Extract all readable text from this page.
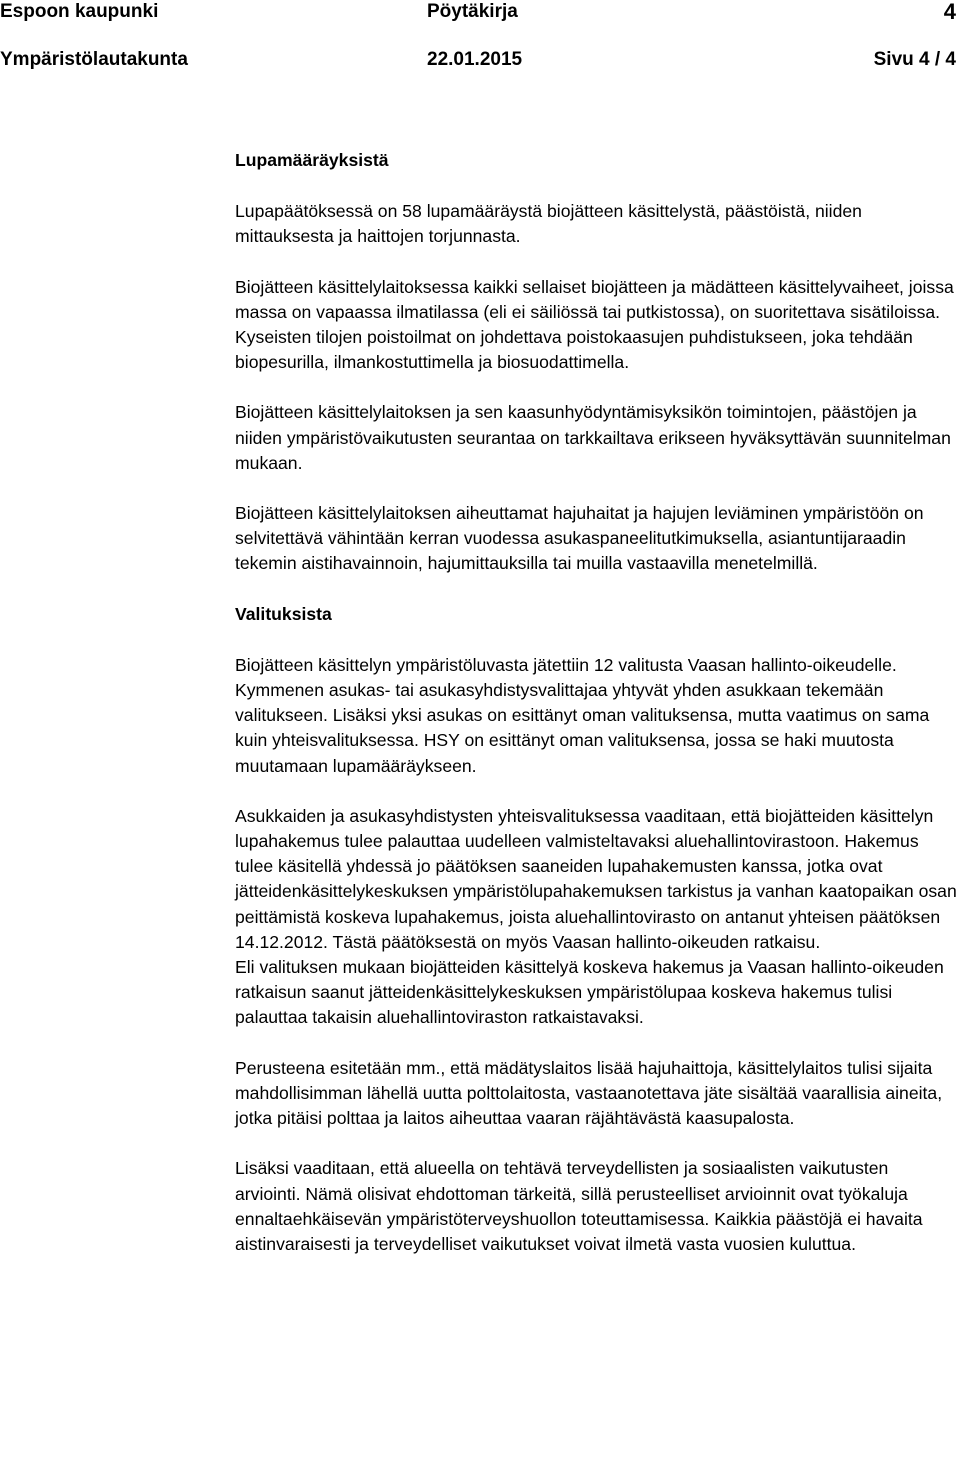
Espoon kaupunki	Pöytäkirja	4
Ympäristölautakunta	22.01.2015	Sivu 4 / 4

Lupamääräyksistä

Lupapäätöksessä on 58 lupamääräystä biojätteen käsittelystä, päästöistä, niiden mittauksesta ja haittojen torjunnasta.

Biojätteen käsittelylaitoksessa kaikki sellaiset biojätteen ja mädätteen käsittelyvaiheet, joissa massa on vapaassa ilmatilassa (eli ei säiliössä tai putkistossa), on suoritettava sisätiloissa. Kyseisten tilojen poistoilmat on johdettava poistokaasujen puhdistukseen, joka tehdään biopesurilla, ilmankostuttimella ja biosuodattimella.

Biojätteen käsittelylaitoksen ja sen kaasunhyödyntämisyksikön toimintojen, päästöjen ja niiden ympäristövaikutusten seurantaa on tarkkailtava erikseen hyväksyttävän suunnitelman mukaan.

Biojätteen käsittelylaitoksen aiheuttamat hajuhaitat ja hajujen leviäminen ympäristöön on selvitettävä vähintään kerran vuodessa asukaspaneelitutkimuksella, asiantuntijaraadin tekemin aistihavainnoin, hajumittauksilla tai muilla vastaavilla menetelmillä.

Valituksista

Biojätteen käsittelyn ympäristöluvasta jätettiin 12 valitusta Vaasan hallinto-oikeudelle. Kymmenen asukas- tai asukasyhdistysvalittajaa yhtyvät yhden asukkaan tekemään valitukseen. Lisäksi yksi asukas on esittänyt oman valituksensa, mutta vaatimus on sama kuin yhteisvalituksessa. HSY on esittänyt oman valituksensa, jossa se haki muutosta muutamaan lupamääräykseen.

Asukkaiden ja asukasyhdistysten yhteisvalituksessa vaaditaan, että biojätteiden käsittelyn lupahakemus tulee palauttaa uudelleen valmisteltavaksi aluehallintovirastoon. Hakemus tulee käsitellä yhdessä jo päätöksen saaneiden lupahakemusten kanssa, jotka ovat jätteidenkäsittelykeskuksen ympäristölupahakemuksen tarkistus ja vanhan kaatopaikan osan peittämistä koskeva lupahakemus, joista aluehallintovirasto on antanut yhteisen päätöksen 14.12.2012. Tästä päätöksestä on myös Vaasan hallinto-oikeuden ratkaisu.

Eli valituksen mukaan biojätteiden käsittelyä koskeva hakemus ja Vaasan hallinto-oikeuden ratkaisun saanut jätteidenkäsittelykeskuksen ympäristölupaa koskeva hakemus tulisi palauttaa takaisin aluehallintoviraston ratkaistavaksi.

Perusteena esitetään mm., että mädätyslaitos lisää hajuhaittoja, käsittelylaitos tulisi sijaita mahdollisimman lähellä uutta polttolaitosta, vastaanotettava jäte sisältää vaarallisia aineita, jotka pitäisi polttaa ja laitos aiheuttaa vaaran räjähtävästä kaasupalosta.

Lisäksi vaaditaan, että alueella on tehtävä terveydellisten ja sosiaalisten vaikutusten arviointi. Nämä olisivat ehdottoman tärkeitä, sillä perusteelliset arvioinnit ovat työkaluja ennaltaehkäisevän ympäristöterveyshuollon toteuttamisessa. Kaikkia päästöjä ei havaita aistinvaraisesti ja terveydelliset vaikutukset voivat ilmetä vasta vuosien kuluttua.
